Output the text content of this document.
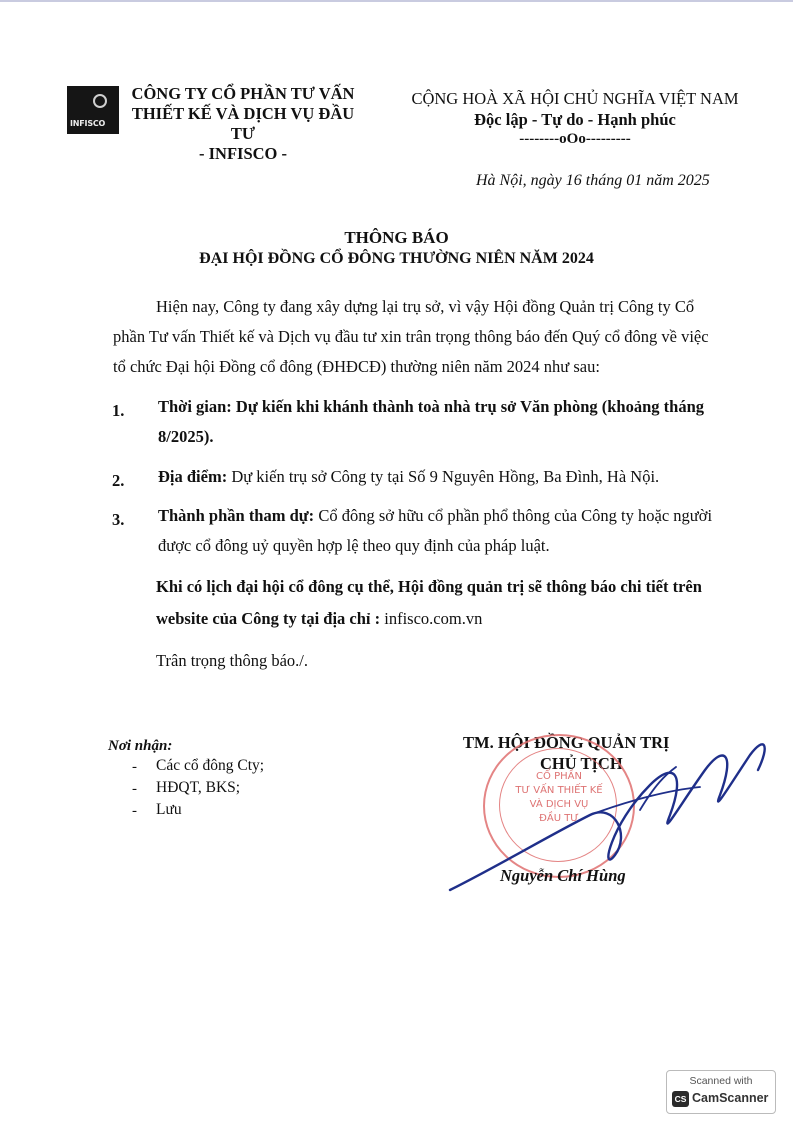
INFISCO
CÔNG TY CỔ PHẦN TƯ VẤN
THIẾT KẾ VÀ DỊCH VỤ ĐẦU TƯ
- INFISCO -
CỘNG HOÀ XÃ HỘI CHỦ NGHĨA VIỆT NAM
Độc lập - Tự do - Hạnh phúc
--------oOo---------
Hà Nội, ngày 16 tháng 01 năm 2025
THÔNG BÁO
ĐẠI HỘI ĐỒNG CỔ ĐÔNG THƯỜNG NIÊN NĂM 2024
Hiện nay, Công ty đang xây dựng lại trụ sở, vì vậy Hội đồng Quản trị Công ty Cổ
phần Tư vấn Thiết kế và Dịch vụ đầu tư xin trân trọng thông báo đến Quý cổ đông về việc
tổ chức Đại hội Đồng cổ đông (ĐHĐCĐ) thường niên năm 2024 như sau:
1. Thời gian: Dự kiến khi khánh thành toà nhà trụ sở Văn phòng (khoảng tháng
8/2025).
2. Địa điểm: Dự kiến trụ sở Công ty tại Số 9 Nguyên Hồng, Ba Đình, Hà Nội.
3. Thành phần tham dự: Cổ đông sở hữu cổ phần phổ thông của Công ty hoặc người
được cổ đông uỷ quyền hợp lệ theo quy định của pháp luật.
Khi có lịch đại hội cổ đông cụ thể, Hội đồng quản trị sẽ thông báo chi tiết trên
website của Công ty tại địa chỉ : infisco.com.vn
Trân trọng thông báo./.
Nơi nhận:
- Các cổ đông Cty;
- HĐQT, BKS;
- Lưu
TM. HỘI ĐỒNG QUẢN TRỊ
CHỦ TỊCH
CỔ PHẦN
TƯ VẤN THIẾT KẾ
VÀ DỊCH VỤ
ĐẦU TƯ
Nguyễn Chí Hùng
Scanned with
CS CamScanner
